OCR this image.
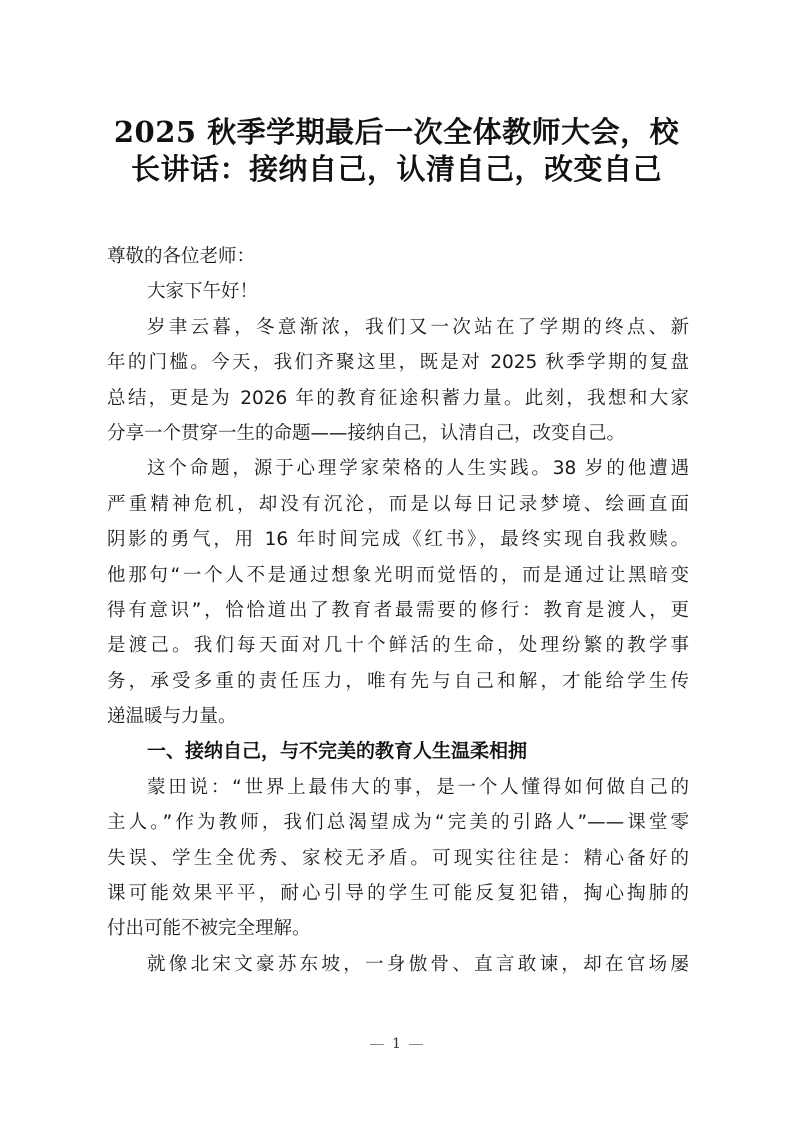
2025 秋季学期最后一次全体教师大会，校
长讲话：接纳自己，认清自己，改变自己
尊敬的各位老师：
大家下午好！
岁聿云暮，冬意渐浓，我们又一次站在了学期的终点、新
年的门槛。今天，我们齐聚这里，既是对 2025 秋季学期的复盘
总结，更是为 2026 年的教育征途积蓄力量。此刻，我想和大家
分享一个贯穿一生的命题——接纳自己，认清自己，改变自己。
这个命题，源于心理学家荣格的人生实践。38 岁的他遭遇
严重精神危机，却没有沉沦，而是以每日记录梦境、绘画直面
阴影的勇气，用 16 年时间完成《红书》，最终实现自我救赎。
他那句“一个人不是通过想象光明而觉悟的，而是通过让黑暗变
得有意识”，恰恰道出了教育者最需要的修行：教育是渡人，更
是渡己。我们每天面对几十个鲜活的生命，处理纷繁的教学事
务，承受多重的责任压力，唯有先与自己和解，才能给学生传
递温暖与力量。
一、接纳自己，与不完美的教育人生温柔相拥
蒙田说：“世界上最伟大的事，是一个人懂得如何做自己的
主人。”作为教师，我们总渴望成为“完美的引路人”——课堂零
失误、学生全优秀、家校无矛盾。可现实往往是：精心备好的
课可能效果平平，耐心引导的学生可能反复犯错，掏心掏肺的
付出可能不被完全理解。
就像北宋文豪苏东坡，一身傲骨、直言敢谏，却在官场屡
1
